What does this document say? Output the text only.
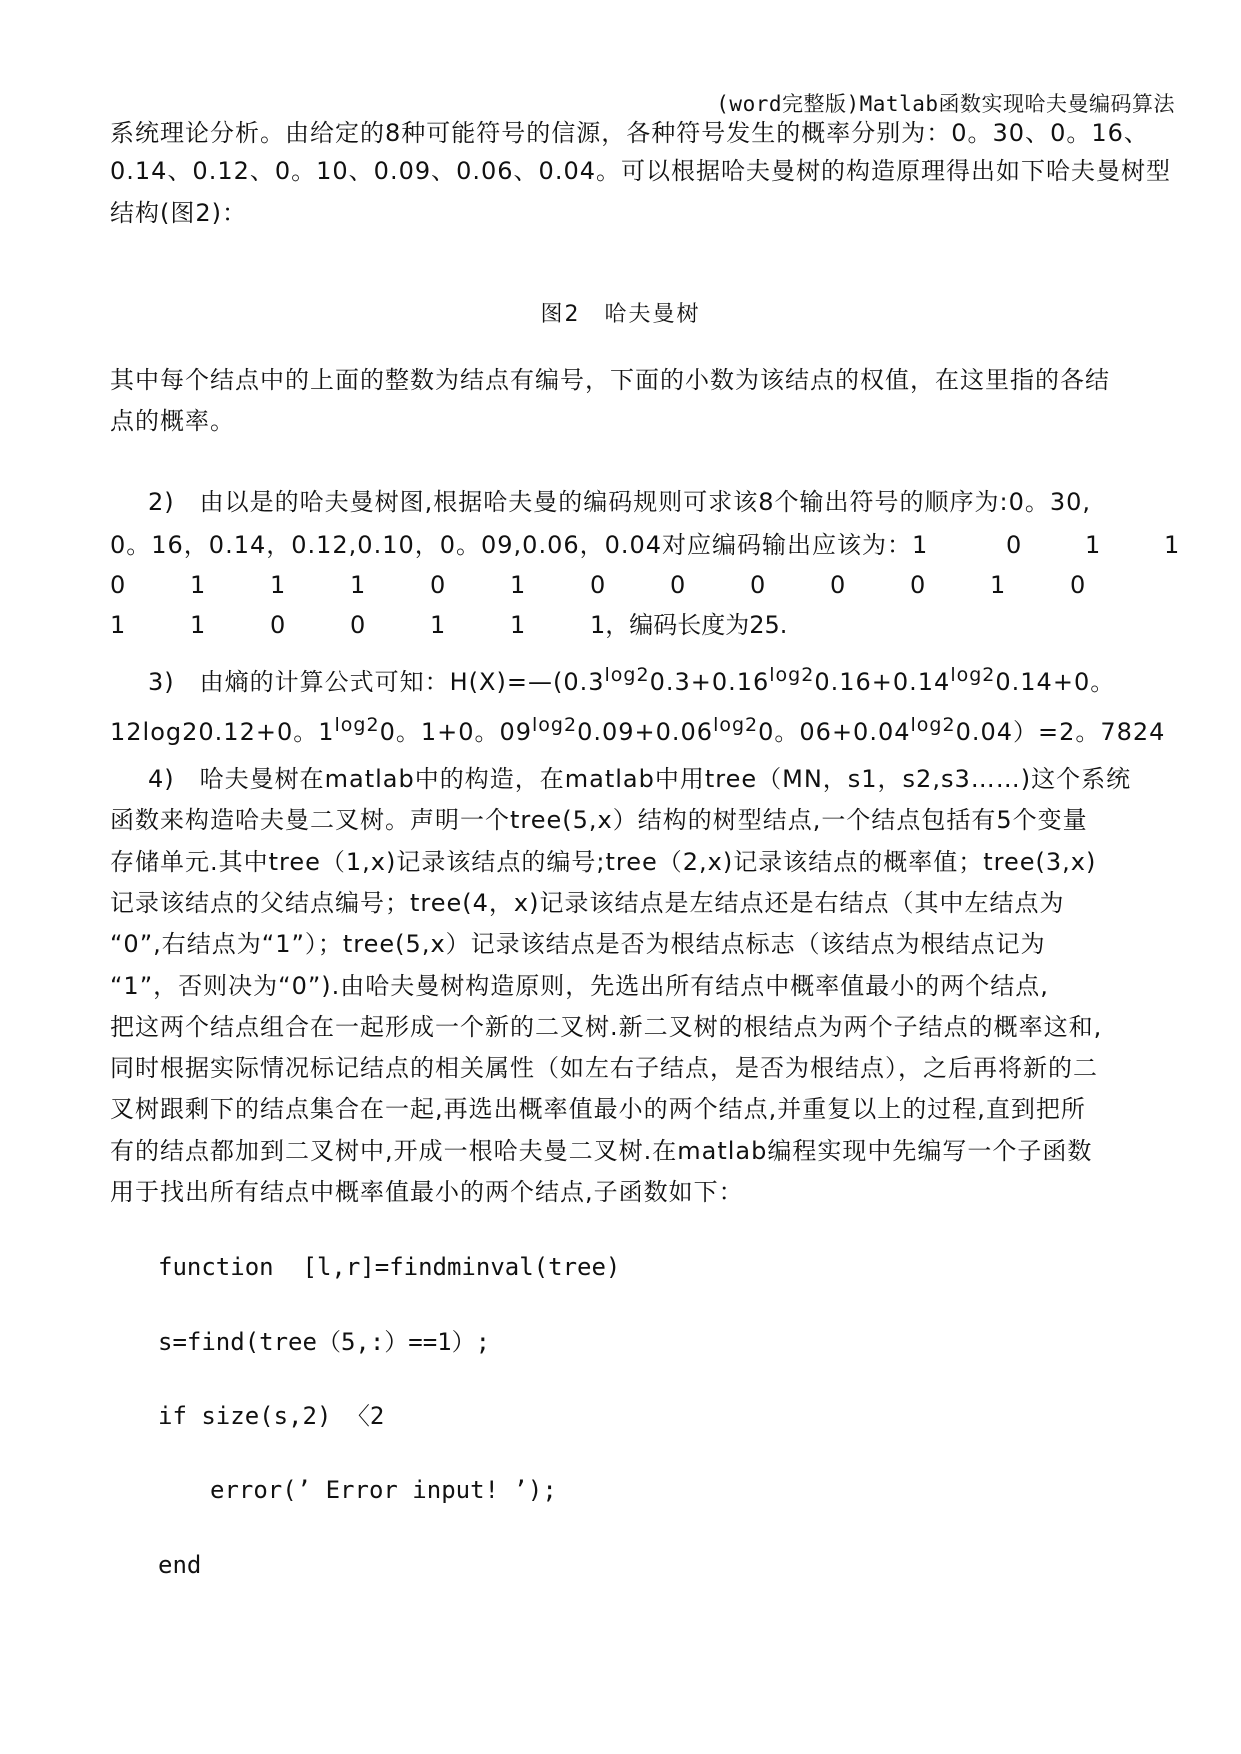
(word完整版)Matlab函数实现哈夫曼编码算法
系统理论分析。由给定的8种可能符号的信源，各种符号发生的概率分别为：0。30、0。16、
0.14、0.12、0。10、0.09、0.06、0.04。可以根据哈夫曼树的构造原理得出如下哈夫曼树型
结构(图2)：
图2　哈夫曼树
其中每个结点中的上面的整数为结点有编号，下面的小数为该结点的权值，在这里指的各结
点的概率。
2)　由以是的哈夫曼树图,根据哈夫曼的编码规则可求该8个输出符号的顺序为:0。30,
0。16，0.14，0.12,0.10，0。09,0.06，0.04对应编码输出应该为：1	0	1	1
0	1	1	1	0	1	0	0	0	0	0	1	0
1	1	0	0	1	1	1，编码长度为25.
3)　由熵的计算公式可知：$H(X)=—(0.3^{log2}0.3+0.16^{log2}0.16+0.14^{log2}0.14+0$。
12log20.12+0。$1^{log2}0$。1+0。$09^{log2}0.09+0.06^{log2}0$。$06+0.04^{log2}0.04)=2$。7824
4)　哈夫曼树在matlab中的构造，在matlab中用tree（MN，s1，s2,s3……)这个系统
函数来构造哈夫曼二叉树。声明一个tree(5,x）结构的树型结点,一个结点包括有5个变量
存储单元.其中tree（1,x)记录该结点的编号;tree（2,x)记录该结点的概率值；tree(3,x)
记录该结点的父结点编号；tree(4，x)记录该结点是左结点还是右结点（其中左结点为
“0”,右结点为“1”）；tree(5,x）记录该结点是否为根结点标志（该结点为根结点记为
“1”，否则决为“0”).由哈夫曼树构造原则，先选出所有结点中概率值最小的两个结点,
把这两个结点组合在一起形成一个新的二叉树.新二叉树的根结点为两个子结点的概率这和,
同时根据实际情况标记结点的相关属性（如左右子结点，是否为根结点），之后再将新的二
叉树跟剩下的结点集合在一起,再选出概率值最小的两个结点,并重复以上的过程,直到把所
有的结点都加到二叉树中,开成一根哈夫曼二叉树.在matlab编程实现中先编写一个子函数
用于找出所有结点中概率值最小的两个结点,子函数如下：
function  [l,r]=findminval(tree)
s=find(tree（5,:）==1）;
if size(s,2) 〈2
error(’ Error input! ’);
end
